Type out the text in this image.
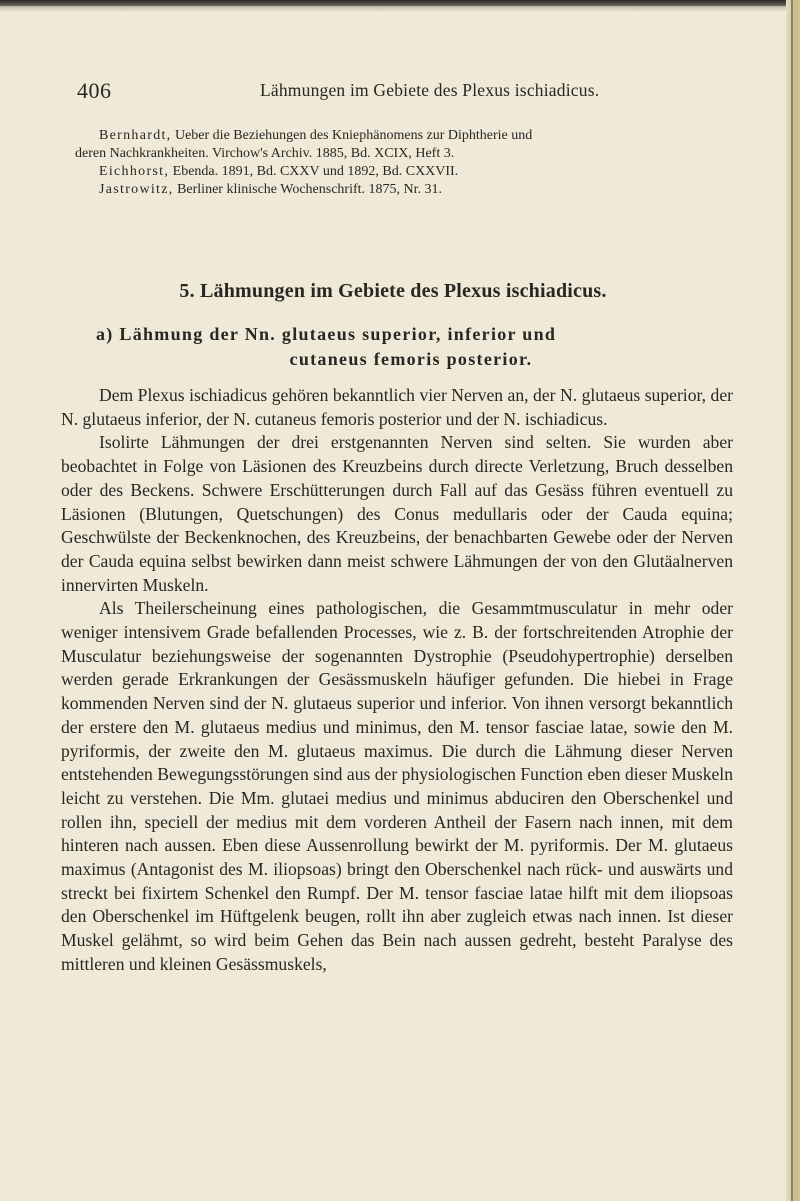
406	Lähmungen im Gebiete des Plexus ischiadicus.
Bernhardt, Ueber die Beziehungen des Kniephänomens zur Diphtherie und
deren Nachkrankheiten. Virchow's Archiv. 1885, Bd. XCIX, Heft 3.
Eichhorst, Ebenda. 1891, Bd. CXXV und 1892, Bd. CXXVII.
Jastrowitz, Berliner klinische Wochenschrift. 1875, Nr. 31.
5. Lähmungen im Gebiete des Plexus ischiadicus.
a) Lähmung der Nn. glutaeus superior, inferior und
cutaneus femoris posterior.

Dem Plexus ischiadicus gehören bekanntlich vier Nerven an, der N. glutaeus superior, der N. glutaeus inferior, der N. cutaneus femoris posterior und der N. ischiadicus.

Isolirte Lähmungen der drei erstgenannten Nerven sind selten. Sie wurden aber beobachtet in Folge von Läsionen des Kreuzbeins durch directe Verletzung, Bruch desselben oder des Beckens. Schwere Erschütterungen durch Fall auf das Gesäss führen eventuell zu Läsionen (Blutungen, Quetschungen) des Conus medullaris oder der Cauda equina; Geschwülste der Beckenknochen, des Kreuzbeins, der benachbarten Gewebe oder der Nerven der Cauda equina selbst bewirken dann meist schwere Lähmungen der von den Glutäalnerven innervirten Muskeln.

Als Theilerscheinung eines pathologischen, die Gesammtmusculatur in mehr oder weniger intensivem Grade befallenden Processes, wie z. B. der fortschreitenden Atrophie der Musculatur beziehungsweise der sogenannten Dystrophie (Pseudohypertrophie) derselben werden gerade Erkrankungen der Gesässmuskeln häufiger gefunden. Die hiebei in Frage kommenden Nerven sind der N. glutaeus superior und inferior. Von ihnen versorgt bekanntlich der erstere den M. glutaeus medius und minimus, den M. tensor fasciae latae, sowie den M. pyriformis, der zweite den M. glutaeus maximus. Die durch die Lähmung dieser Nerven entstehenden Bewegungsstörungen sind aus der physiologischen Function eben dieser Muskeln leicht zu verstehen. Die Mm. glutaei medius und minimus abduciren den Oberschenkel und rollen ihn, speciell der medius mit dem vorderen Antheil der Fasern nach innen, mit dem hinteren nach aussen. Eben diese Aussenrollung bewirkt der M. pyriformis. Der M. glutaeus maximus (Antagonist des M. iliopsoas) bringt den Oberschenkel nach rück- und auswärts und streckt bei fixirtem Schenkel den Rumpf. Der M. tensor fasciae latae hilft mit dem iliopsoas den Oberschenkel im Hüftgelenk beugen, rollt ihn aber zugleich etwas nach innen. Ist dieser Muskel gelähmt, so wird beim Gehen das Bein nach aussen gedreht, besteht Paralyse des mittleren und kleinen Gesässmuskels,
